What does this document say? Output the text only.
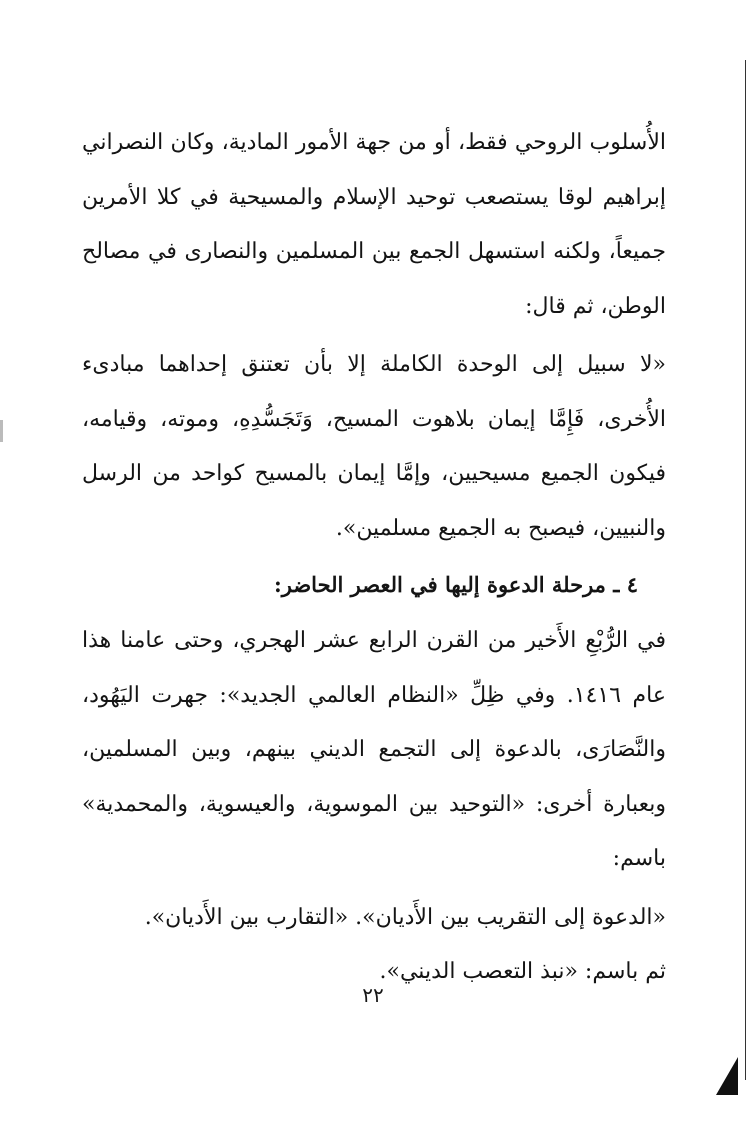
الأُسلوب الروحي فقط، أو من جهة الأمور المادية، وكان النصراني إبراهيم لوقا يستصعب توحيد الإسلام والمسيحية في كلا الأمرين جميعاً، ولكنه استسهل الجمع بين المسلمين والنصارى في مصالح الوطن، ثم قال:

«لا سبيل إلى الوحدة الكاملة إلا بأن تعتنق إحداهما مبادىء الأُخرى، فَإِمَّا إيمان بلاهوت المسيح، وَتَجَسُّدِهِ، وموته، وقيامه، فيكون الجميع مسيحيين، وإمَّا إيمان بالمسيح كواحد من الرسل والنبيين، فيصبح به الجميع مسلمين».

٤ ـ مرحلة الدعوة إليها في العصر الحاضر:

في الرُّبْعِ الأَخير من القرن الرابع عشر الهجري، وحتى عامنا هذا عام ١٤١٦. وفي ظِلِّ «النظام العالمي الجديد»: جهرت اليَهُود، والنَّصَارَى، بالدعوة إلى التجمع الديني بينهم، وبين المسلمين، وبعبارة أخرى: «التوحيد بين الموسوية، والعيسوية، والمحمدية» باسم:

«الدعوة إلى التقريب بين الأَديان». «التقارب بين الأَديان».

ثم باسم: «نبذ التعصب الديني».

٢٢
